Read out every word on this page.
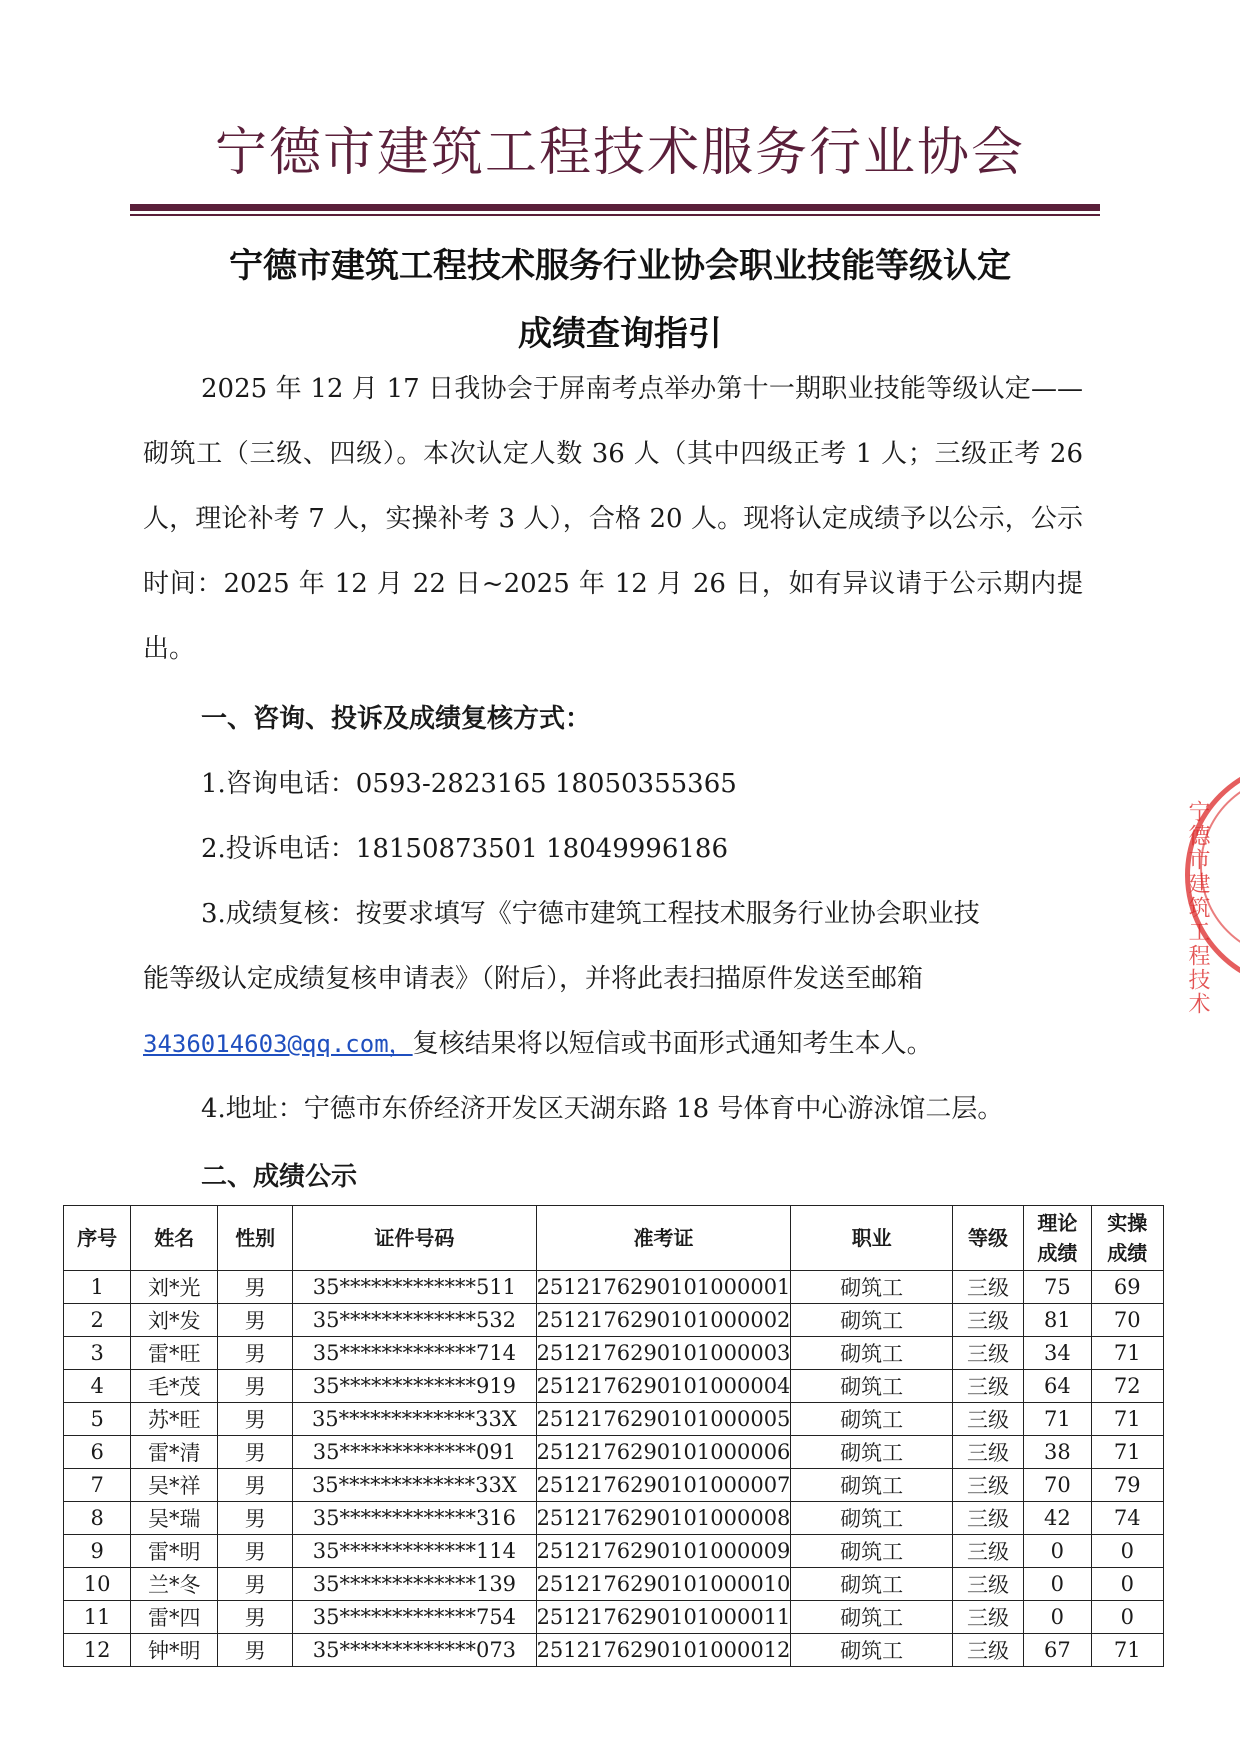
宁德市建筑工程技术服务行业协会
宁德市建筑工程技术服务行业协会职业技能等级认定
成绩查询指引
2025 年 12 月 17 日我协会于屏南考点举办第十一期职业技能等级认定——砌筑工（三级、四级）。本次认定人数 36 人（其中四级正考 1 人；三级正考 26 人，理论补考 7 人，实操补考 3 人），合格 20 人。现将认定成绩予以公示，公示时间：2025 年 12 月 22 日~2025 年 12 月 26 日，如有异议请于公示期内提出。
一、咨询、投诉及成绩复核方式：
1.咨询电话：0593-2823165 18050355365
2.投诉电话：18150873501 18049996186
3.成绩复核：按要求填写《宁德市建筑工程技术服务行业协会职业技
能等级认定成绩复核申请表》（附后），并将此表扫描原件发送至邮箱
3436014603@qq.com，复核结果将以短信或书面形式通知考生本人。
4.地址：宁德市东侨经济开发区天湖东路 18 号体育中心游泳馆二层。
宁德市建筑工程技术
二、成绩公示
序号	姓名	性别	证件号码	准考证	职业	等级	理论成绩	实操成绩
1	刘*光	男	35*************511	2512176290101000001	砌筑工	三级	75	69
2	刘*发	男	35*************532	2512176290101000002	砌筑工	三级	81	70
3	雷*旺	男	35*************714	2512176290101000003	砌筑工	三级	34	71
4	毛*茂	男	35*************919	2512176290101000004	砌筑工	三级	64	72
5	苏*旺	男	35*************33X	2512176290101000005	砌筑工	三级	71	71
6	雷*清	男	35*************091	2512176290101000006	砌筑工	三级	38	71
7	吴*祥	男	35*************33X	2512176290101000007	砌筑工	三级	70	79
8	吴*瑞	男	35*************316	2512176290101000008	砌筑工	三级	42	74
9	雷*明	男	35*************114	2512176290101000009	砌筑工	三级	0	0
10	兰*冬	男	35*************139	2512176290101000010	砌筑工	三级	0	0
11	雷*四	男	35*************754	2512176290101000011	砌筑工	三级	0	0
12	钟*明	男	35*************073	2512176290101000012	砌筑工	三级	67	71
